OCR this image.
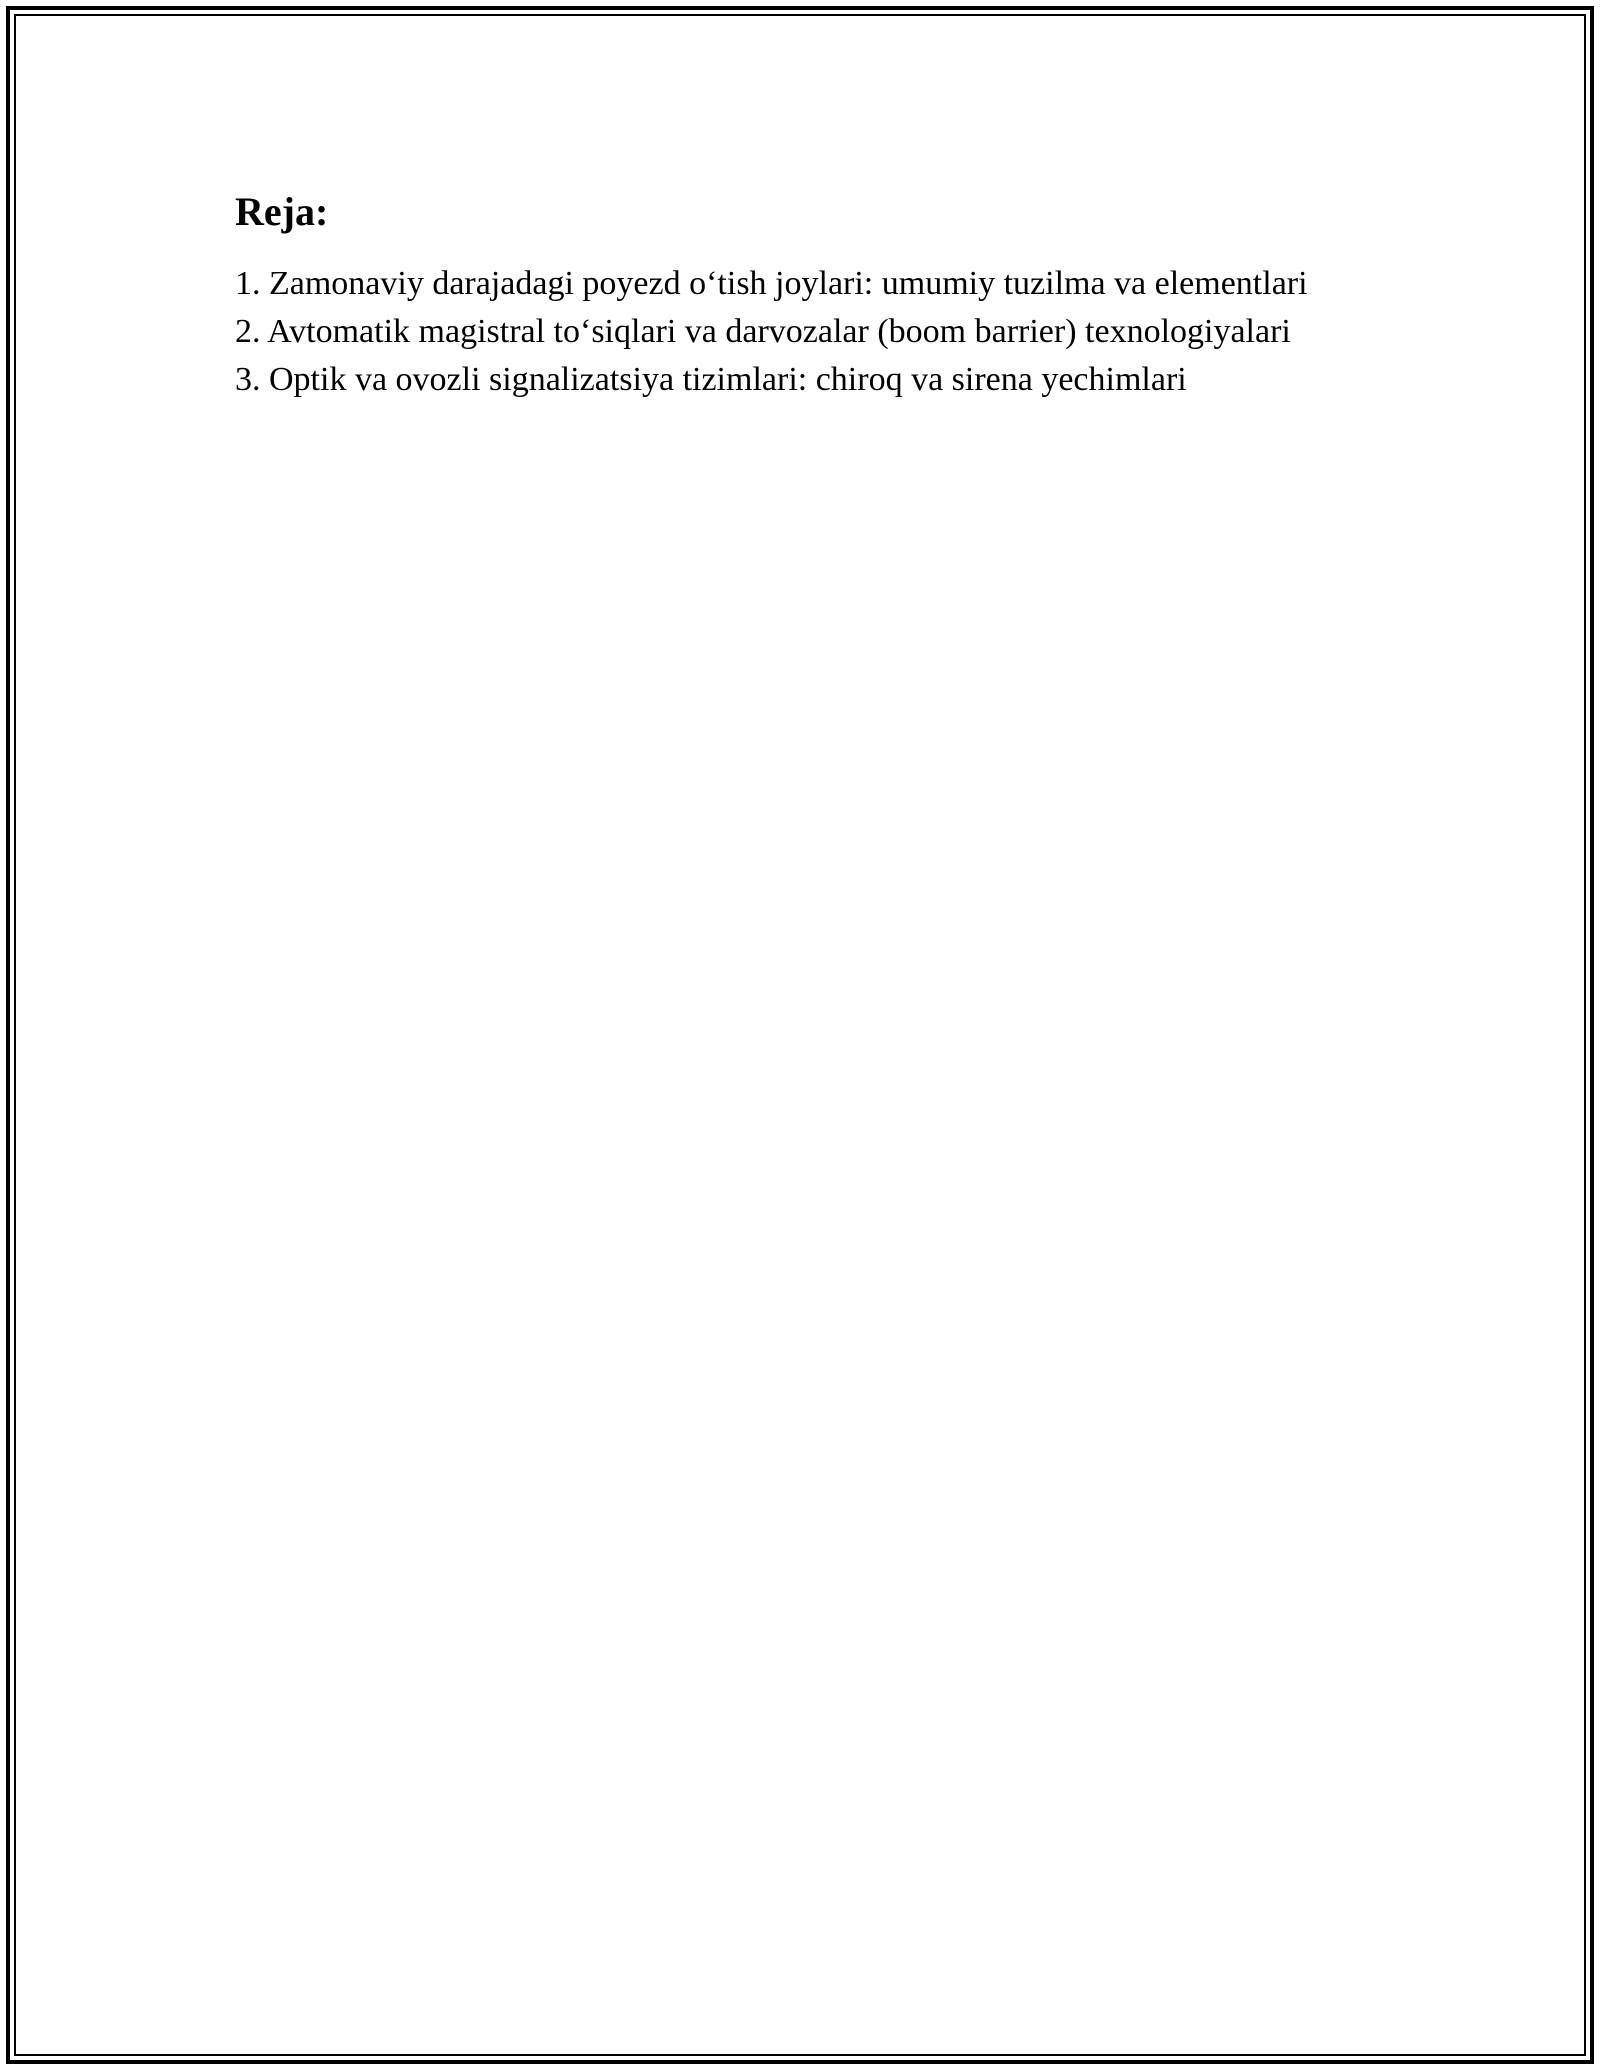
Reja:
1. Zamonaviy darajadagi poyezd o‘tish joylari: umumiy tuzilma va elementlari
2. Avtomatik magistral to‘siqlari va darvozalar (boom barrier) texnologiyalari
3. Optik va ovozli signalizatsiya tizimlari: chiroq va sirena yechimlari
